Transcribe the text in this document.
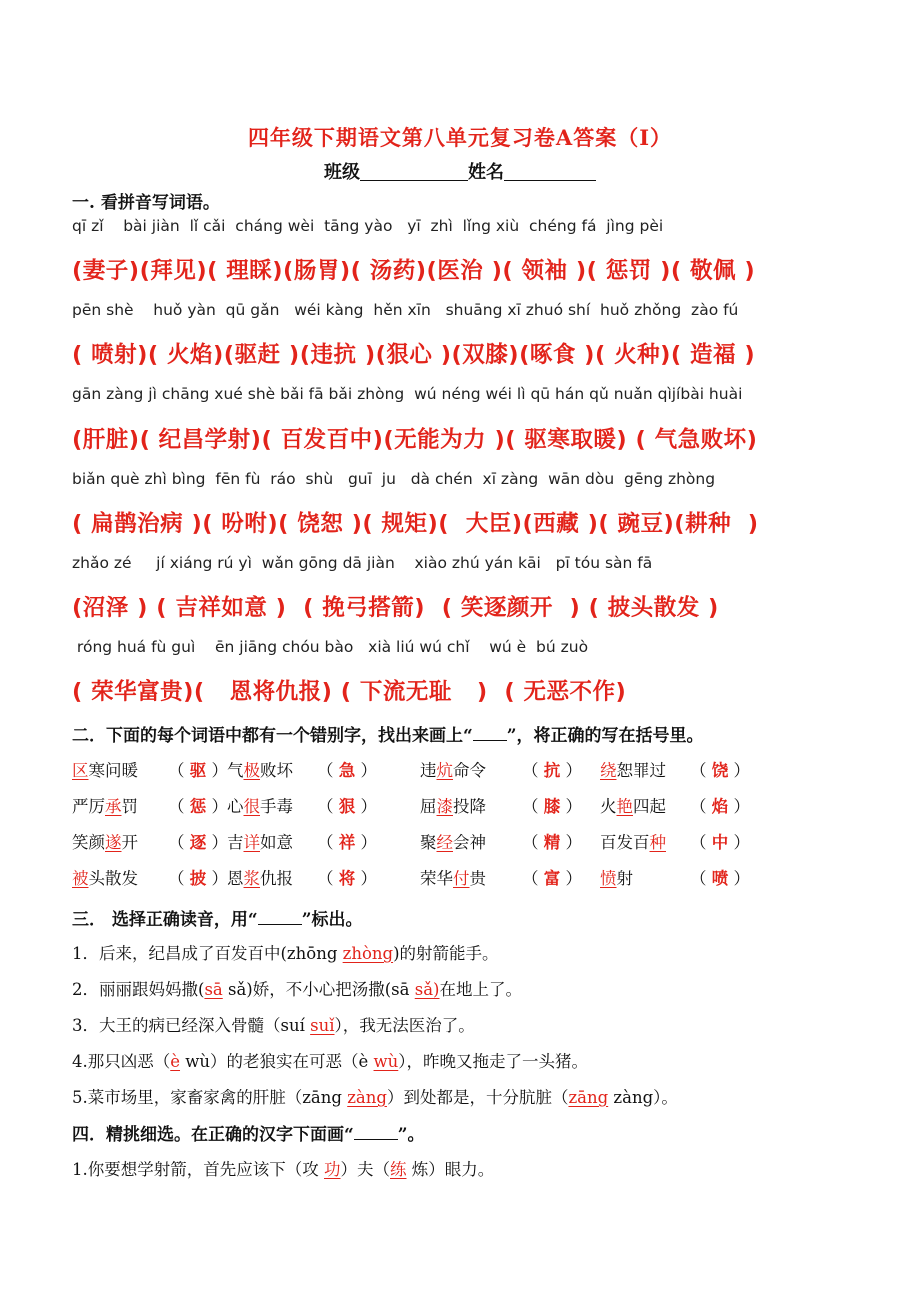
四年级下期语文第八单元复习卷A答案（I）
班级	姓名
一. 看拼音写词语。
qī zǐ    bài jiàn  lǐ cǎi  cháng wèi  tāng yào   yī  zhì  lǐng xiù  chéng fá  jìng pèi
(妻子)(拜见)( 理睬)(肠胃)( 汤药)(医治 )( 领袖 )( 惩罚 )( 敬佩 )
pēn shè    huǒ yàn  qū gǎn   wéi kàng  hěn xīn   shuāng xī zhuó shí  huǒ zhǒng  zào fú
( 喷射)( 火焰)(驱赶 )(违抗 )(狠心 )(双膝)(啄食 )( 火种)( 造福 )
gān zàng jì chāng xué shè bǎi fā bǎi zhòng  wú néng wéi lì qū hán qǔ nuǎn qìjíbài huài
(肝脏)( 纪昌学射)( 百发百中)(无能为力 )( 驱寒取暖) ( 气急败坏)
biǎn què zhì bìng  fēn fù  ráo  shù   guī  ju   dà chén  xī zàng  wān dòu  gēng zhòng
( 扁鹊治病 )( 吩咐)( 饶恕 )( 规矩)(  大臣)(西藏 )( 豌豆)(耕种  )
zhǎo zé     jí xiáng rú yì  wǎn gōng dā jiàn    xiào zhú yán kāi   pī tóu sàn fā
(沼泽 ) ( 吉祥如意 )  ( 挽弓搭箭)  ( 笑逐颜开  ) ( 披头散发 )
róng huá fù guì    ēn jiāng chóu bào   xià liú wú chǐ    wú è  bú zuò
( 荣华富贵)(   恩将仇报) ( 下流无耻   )  ( 无恶不作)
二．下面的每个词语中都有一个错别字，找出来画上“ ”，将正确的写在括号里。
区寒问暖 （ 驱 ） 气极败坏 （ 急 ）	违炕命令 （ 抗 ） 绕恕罪过 （ 饶 ）
严厉承罚 （ 惩 ） 心很手毒 （ 狠 ）	屈漆投降 （ 膝 ） 火艳四起 （ 焰 ）
笑颜遂开 （ 逐 ） 吉详如意 （ 祥 ）	聚经会神 （ 精 ） 百发百种 （ 中 ）
被头散发 （ 披 ） 恩浆仇报 （ 将 ）	荣华付贵 （ 富 ） 愤射	（ 喷 ）
三． 选择正确读音，用“	”标出。
1．后来，纪昌成了百发百中(zhōng zhòng)的射箭能手。
2．丽丽跟妈妈撒(sā sǎ)娇，不小心把汤撒(sā sǎ)在地上了。
3．大王的病已经深入骨髓（suí suǐ），我无法医治了。
4.那只凶恶（è wù）的老狼实在可恶（è wù），昨晚又拖走了一头猪。
5.菜市场里，家畜家禽的肝脏（zāng zàng）到处都是，十分肮脏（zāng zàng）。
四．精挑细选。在正确的汉字下面画“	”。
1.你要想学射箭，首先应该下（攻 功）夫（练 炼）眼力。
